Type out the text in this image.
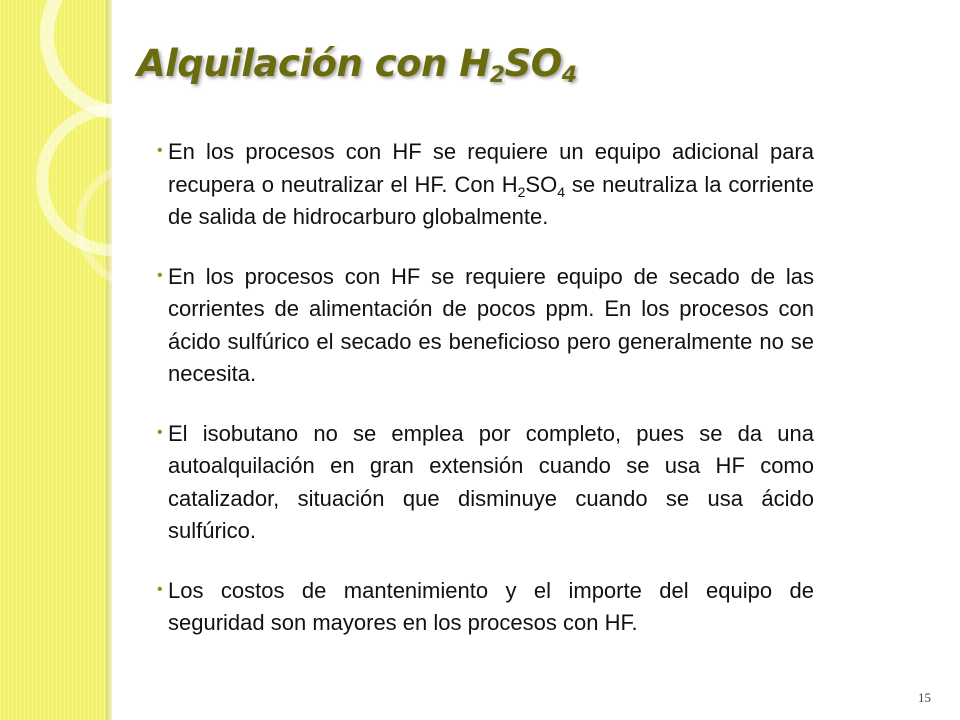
Alquilación con $H_2SO_4$

• En los procesos con HF se requiere un equipo adicional para recupera o neutralizar el HF. Con $H_2SO_4$ se neutraliza la corriente de salida de hidrocarburo globalmente.

• En los procesos con HF se requiere equipo de secado de las corrientes de alimentación de pocos ppm. En los procesos con ácido sulfúrico el secado es beneficioso pero generalmente no se necesita.

• El isobutano no se emplea por completo, pues se da una autoalquilación en gran extensión cuando se usa HF como catalizador, situación que disminuye cuando se usa ácido sulfúrico.

• Los costos de mantenimiento y el importe del equipo de seguridad son mayores en los procesos con HF.

15
